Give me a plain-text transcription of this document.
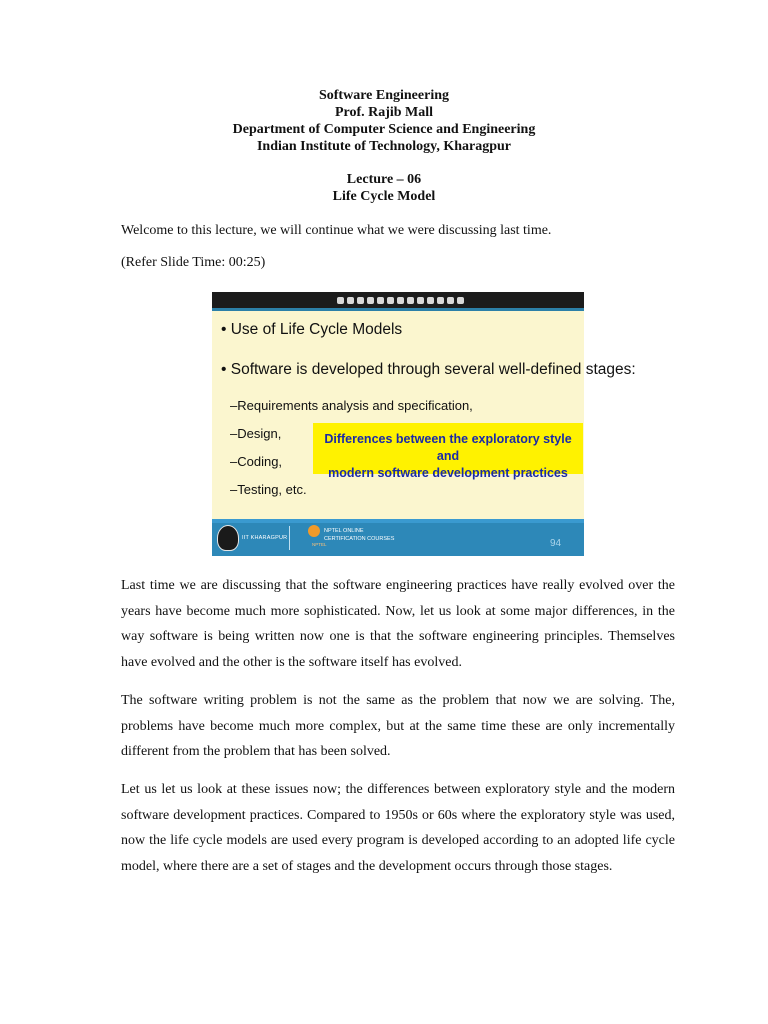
Software Engineering
Prof. Rajib Mall
Department of Computer Science and Engineering
Indian Institute of Technology, Kharagpur
Lecture – 06
Life Cycle Model
Welcome to this lecture, we will continue what we were discussing last time.
(Refer Slide Time: 00:25)
• Use of Life Cycle Models
• Software is developed through several well-defined stages:
–Requirements analysis and specification,
–Design,
–Coding,
–Testing, etc.
Differences between the exploratory style and
modern software development practices
IIT KHARAGPUR
NPTEL
NPTEL ONLINE
CERTIFICATION COURSES	94

Last time we are discussing that the software engineering practices have really evolved over the years have become much more sophisticated. Now, let us look at some major differences, in the way software is being written now one is that the software engineering principles. Themselves have evolved and the other is the software itself has evolved.

The software writing problem is not the same as the problem that now we are solving. The, problems have become much more complex, but at the same time these are only incrementally different from the problem that has been solved.

Let us let us look at these issues now; the differences between exploratory style and the modern software development practices. Compared to 1950s or 60s where the exploratory style was used, now the life cycle models are used every program is developed according to an adopted life cycle model, where there are a set of stages and the development occurs through those stages.
